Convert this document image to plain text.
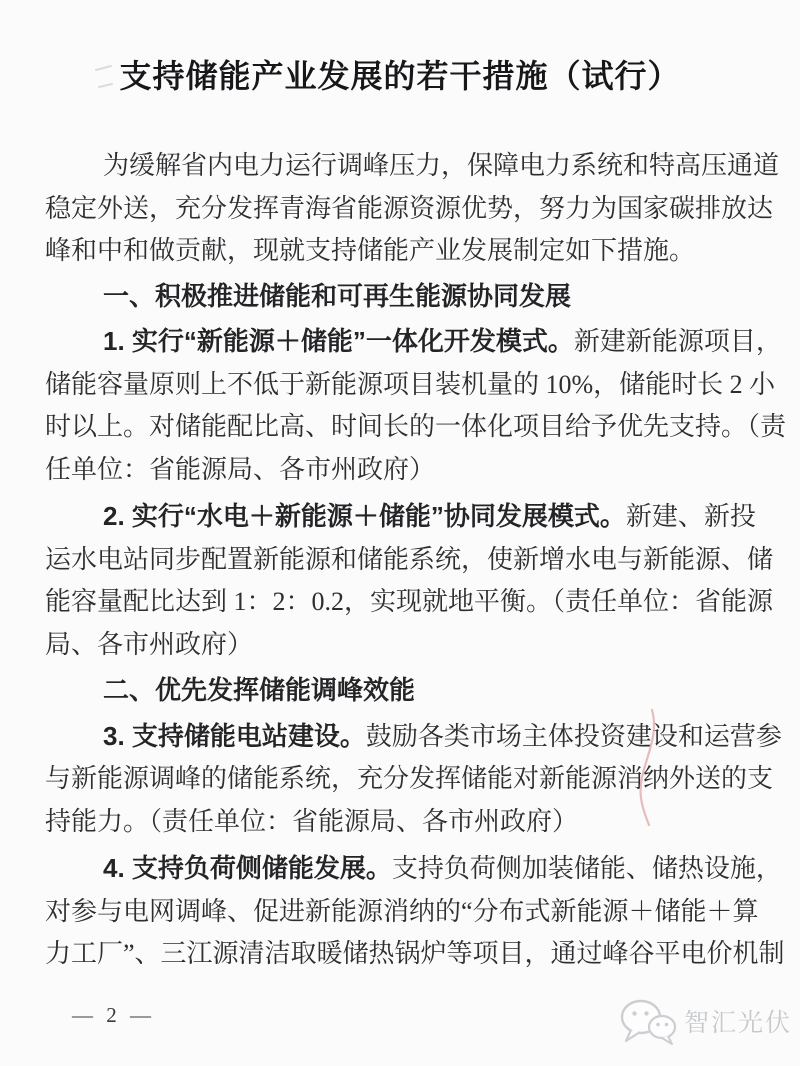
支持储能产业发展的若干措施（试行）
为缓解省内电力运行调峰压力，保障电力系统和特高压通道
稳定外送，充分发挥青海省能源资源优势，努力为国家碳排放达
峰和中和做贡献，现就支持储能产业发展制定如下措施。
一、积极推进储能和可再生能源协同发展
1. 实行“新能源＋储能”一体化开发模式。新建新能源项目，
储能容量原则上不低于新能源项目装机量的 10%，储能时长 2 小
时以上。对储能配比高、时间长的一体化项目给予优先支持。（责
任单位：省能源局、各市州政府）
2. 实行“水电＋新能源＋储能”协同发展模式。新建、新投
运水电站同步配置新能源和储能系统，使新增水电与新能源、储
能容量配比达到 1：2：0.2，实现就地平衡。（责任单位：省能源
局、各市州政府）
二、优先发挥储能调峰效能
3. 支持储能电站建设。鼓励各类市场主体投资建设和运营参
与新能源调峰的储能系统，充分发挥储能对新能源消纳外送的支
持能力。（责任单位：省能源局、各市州政府）
4. 支持负荷侧储能发展。支持负荷侧加装储能、储热设施，
对参与电网调峰、促进新能源消纳的“分布式新能源＋储能＋算
力工厂”、三江源清洁取暖储热锅炉等项目，通过峰谷平电价机制
— 2 —	智汇光伏
